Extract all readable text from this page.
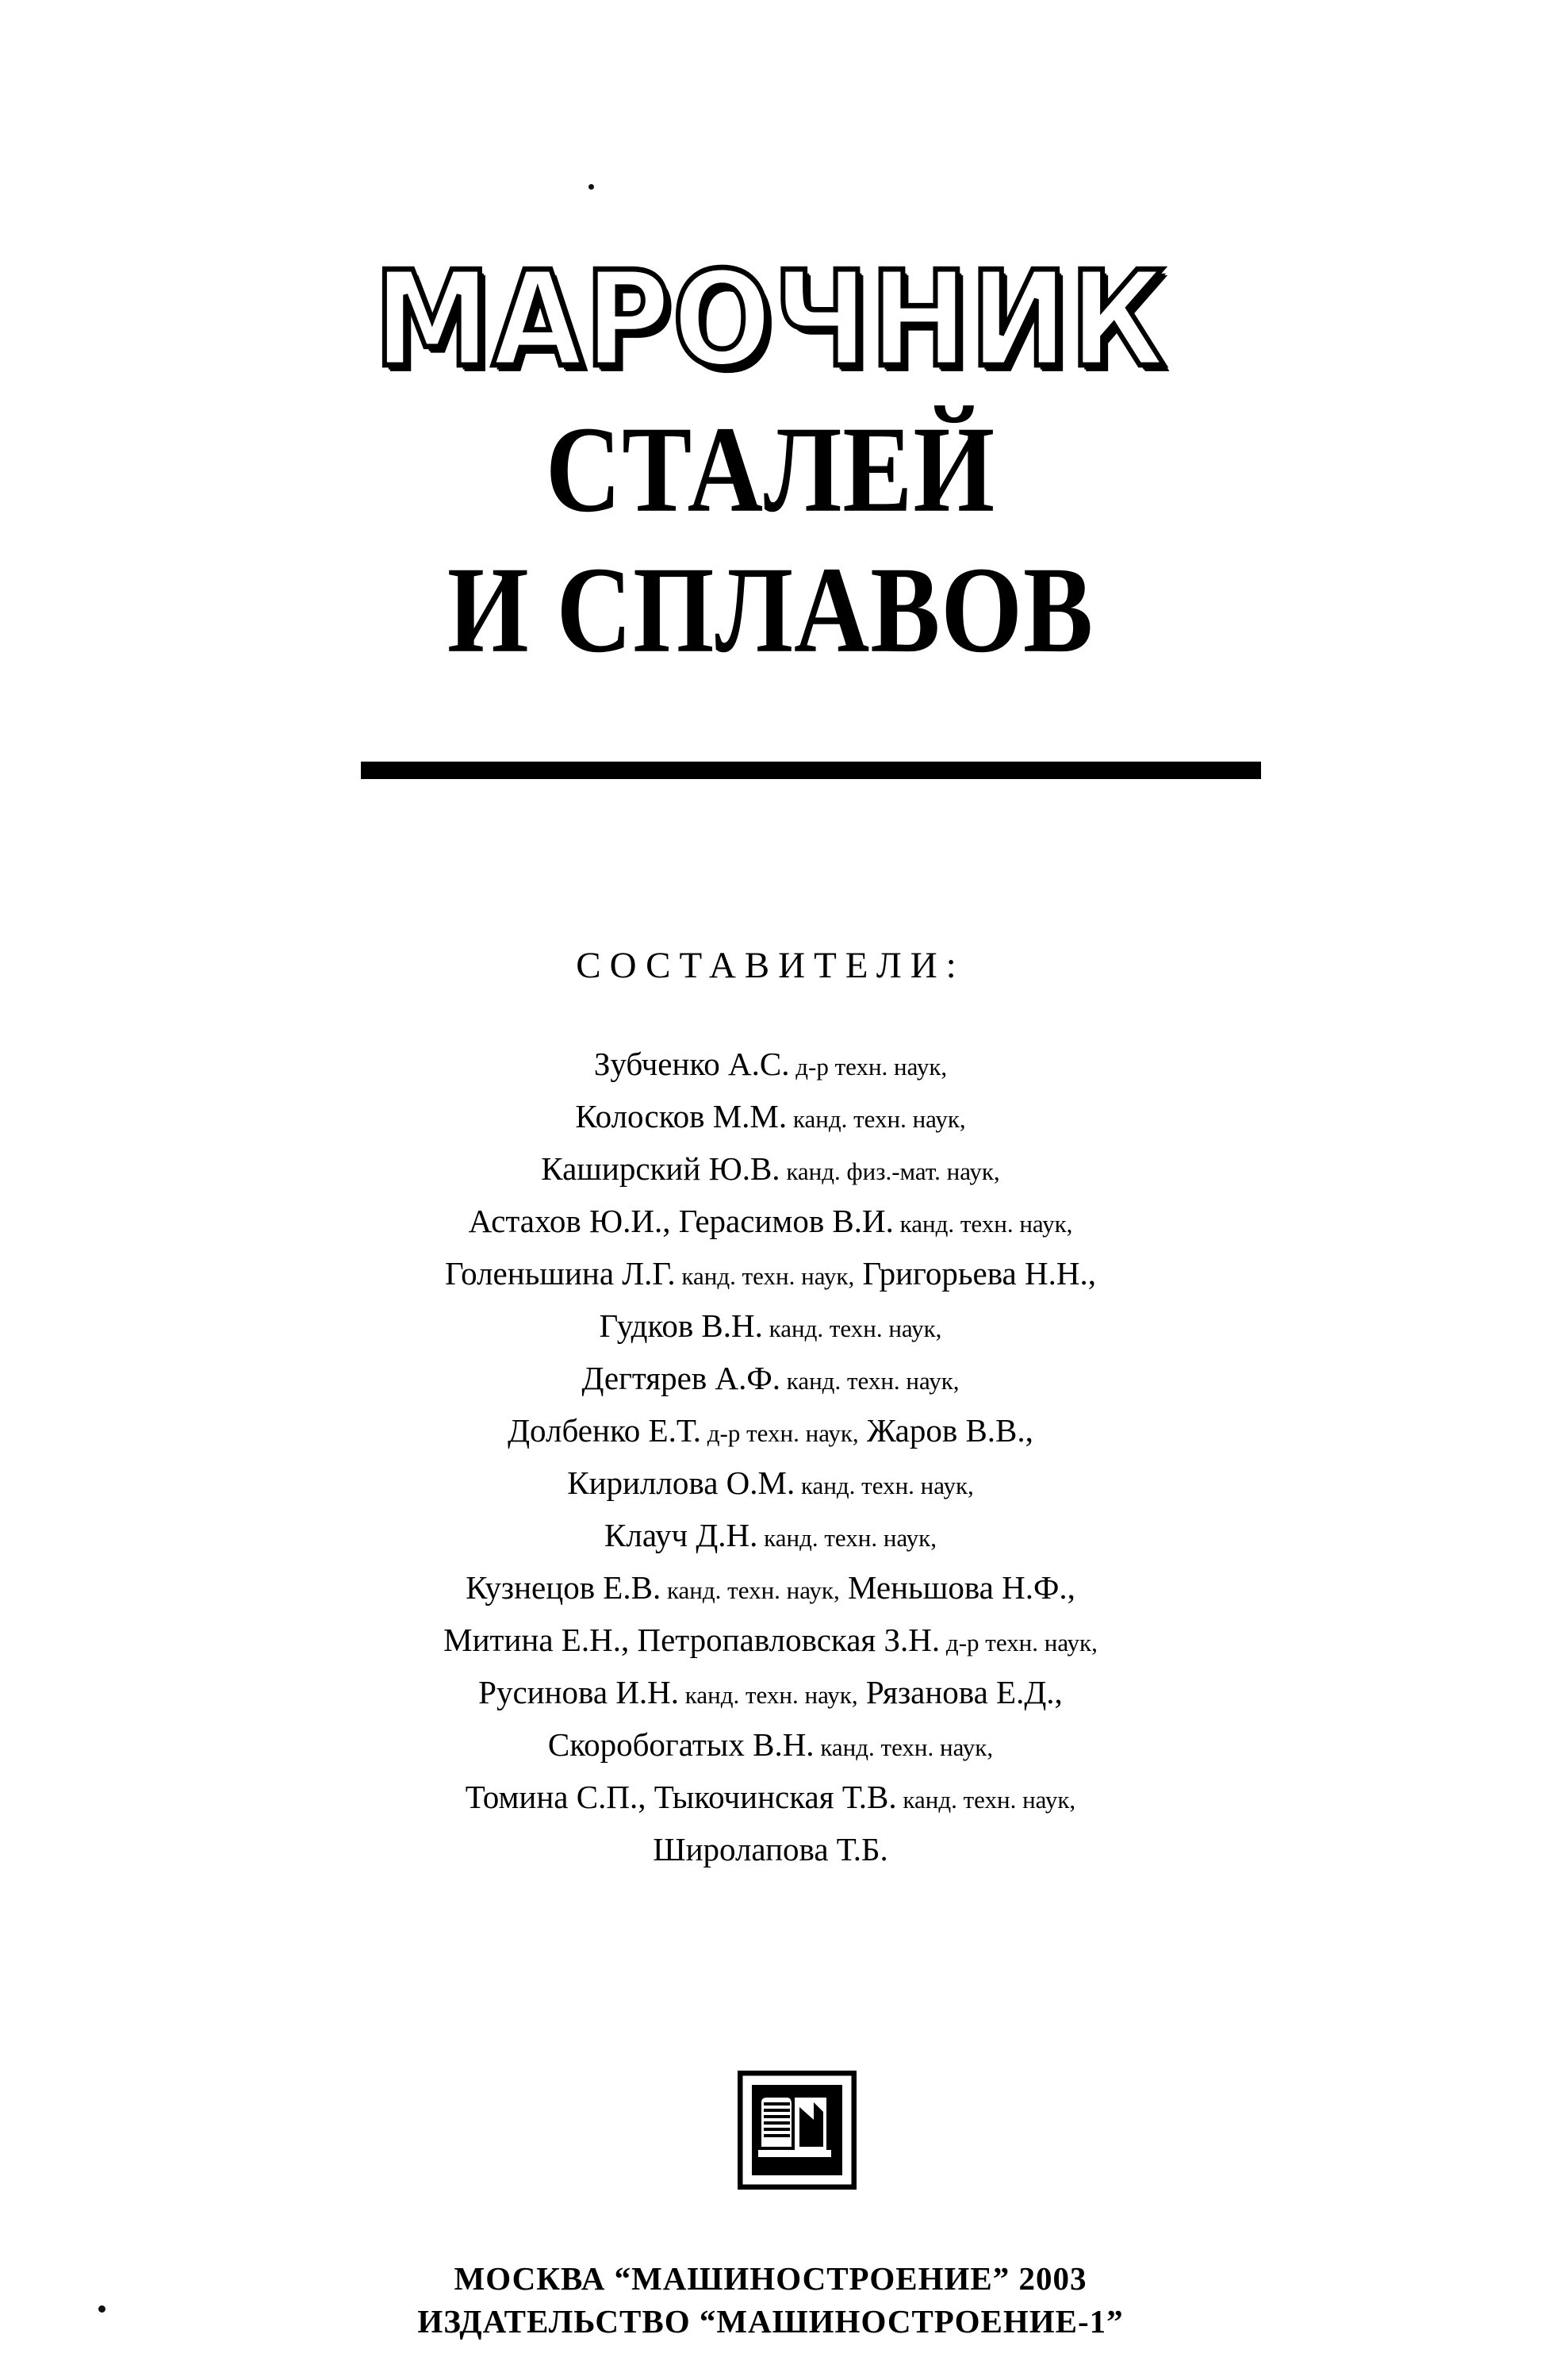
МАРОЧНИК
СТАЛЕЙ
И СПЛАВОВ
СОСТАВИТЕЛИ:
Зубченко А.С. д-р техн. наук,
Колосков М.М. канд. техн. наук,
Каширский Ю.В. канд. физ.-мат. наук,
Астахов Ю.И., Герасимов В.И. канд. техн. наук,
Голеньшина Л.Г. канд. техн. наук, Григорьева Н.Н.,
Гудков В.Н. канд. техн. наук,
Дегтярев А.Ф. канд. техн. наук,
Долбенко Е.Т. д-р техн. наук, Жаров В.В.,
Кириллова О.М. канд. техн. наук,
Клауч Д.Н. канд. техн. наук,
Кузнецов Е.В. канд. техн. наук, Меньшова Н.Ф.,
Митина Е.Н., Петропавловская З.Н. д-р техн. наук,
Русинова И.Н. канд. техн. наук, Рязанова Е.Д.,
Скоробогатых В.Н. канд. техн. наук,
Томина С.П., Тыкочинская Т.В. канд. техн. наук,
Широлапова Т.Б.
МОСКВА “МАШИНОСТРОЕНИЕ” 2003
ИЗДАТЕЛЬСТВО “МАШИНОСТРОЕНИЕ-1”
